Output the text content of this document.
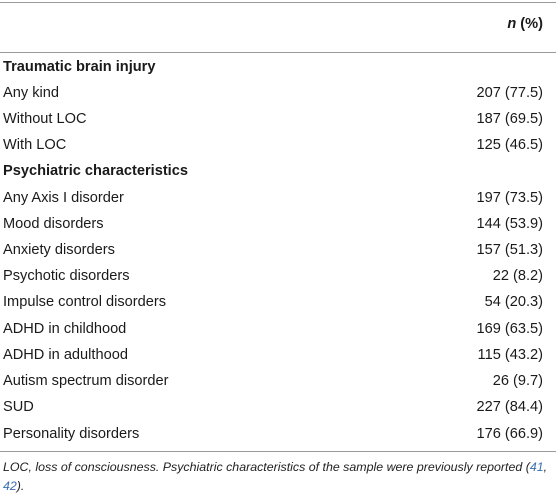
n (%)
Traumatic brain injury
Any kind	207 (77.5)
Without LOC	187 (69.5)
With LOC	125 (46.5)
Psychiatric characteristics
Any Axis I disorder	197 (73.5)
Mood disorders	144 (53.9)
Anxiety disorders	157 (51.3)
Psychotic disorders	22 (8.2)
Impulse control disorders	54 (20.3)
ADHD in childhood	169 (63.5)
ADHD in adulthood	115 (43.2)
Autism spectrum disorder	26 (9.7)
SUD	227 (84.4)
Personality disorders	176 (66.9)
LOC, loss of consciousness. Psychiatric characteristics of the sample were previously reported (41, 42).
